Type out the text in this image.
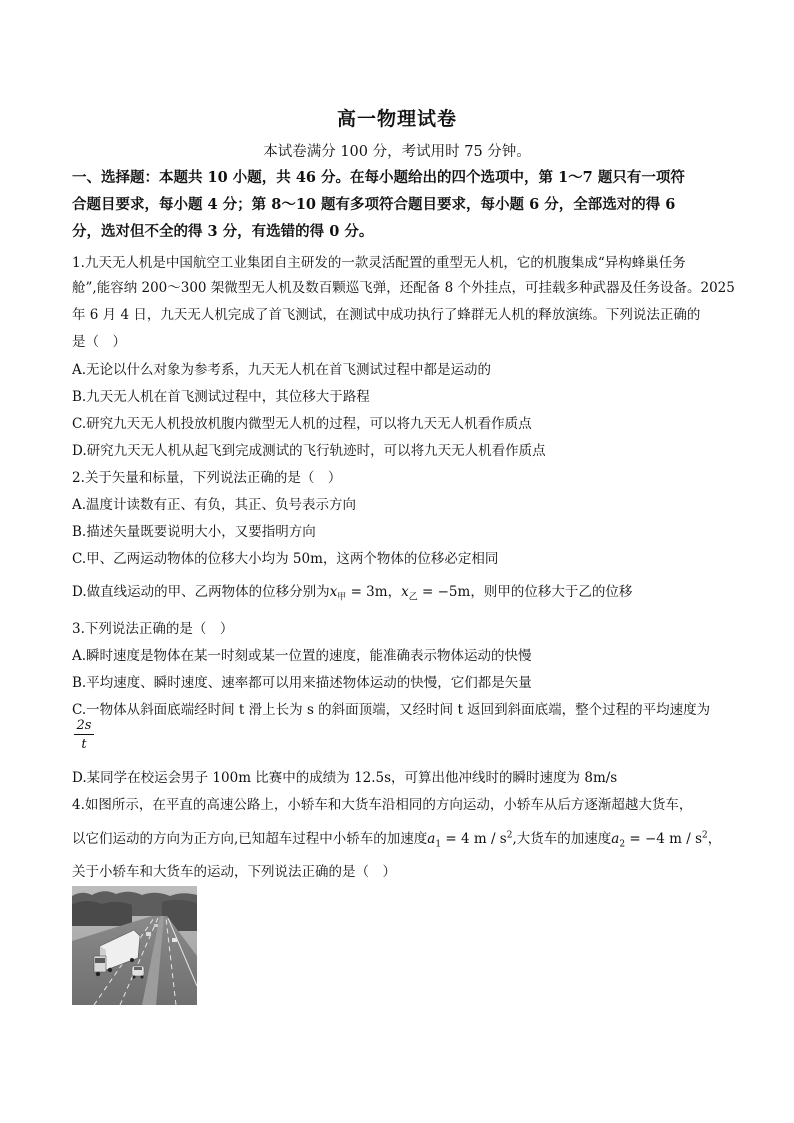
高一物理试卷
本试卷满分 100 分，考试用时 75 分钟。
一、选择题：本题共 10 小题，共 46 分。在每小题给出的四个选项中，第 1～7 题只有一项符
合题目要求，每小题 4 分；第 8～10 题有多项符合题目要求，每小题 6 分，全部选对的得 6
分，选对但不全的得 3 分，有选错的得 0 分。
1.九天无人机是中国航空工业集团自主研发的一款灵活配置的重型无人机，它的机腹集成“异构蜂巢任务
舱”,能容纳 200～300 架微型无人机及数百颗巡飞弹，还配备 8 个外挂点，可挂载多种武器及任务设备。2025
年 6 月 4 日，九天无人机完成了首飞测试，在测试中成功执行了蜂群无人机的释放演练。下列说法正确的
是（　）
A.无论以什么对象为参考系，九天无人机在首飞测试过程中都是运动的
B.九天无人机在首飞测试过程中，其位移大于路程
C.研究九天无人机投放机腹内微型无人机的过程，可以将九天无人机看作质点
D.研究九天无人机从起飞到完成测试的飞行轨迹时，可以将九天无人机看作质点
2.关于矢量和标量，下列说法正确的是（　）
A.温度计读数有正、有负，其正、负号表示方向
B.描述矢量既要说明大小，又要指明方向
C.甲、乙两运动物体的位移大小均为 50m，这两个物体的位移必定相同
D.做直线运动的甲、乙两物体的位移分别为$x_甲 = 3m$，$x_乙 = -5m$，则甲的位移大于乙的位移
3.下列说法正确的是（　）
A.瞬时速度是物体在某一时刻或某一位置的速度，能准确表示物体运动的快慢
B.平均速度、瞬时速度、速率都可以用来描述物体运动的快慢，它们都是矢量
C.一物体从斜面底端经时间 t 滑上长为 s 的斜面顶端，又经时间 t 返回到斜面底端，整个过程的平均速度为
$\frac{2s}{t}$
D.某同学在校运会男子 100m 比赛中的成绩为 12.5s，可算出他冲线时的瞬时速度为 8m/s
4.如图所示，在平直的高速公路上，小轿车和大货车沿相同的方向运动，小轿车从后方逐渐超越大货车，
以它们运动的方向为正方向,已知超车过程中小轿车的加速度$a_1 = 4$ m / $s^2$,大货车的加速度$a_2 = -4$ m / $s^2$，
关于小轿车和大货车的运动，下列说法正确的是（　）
